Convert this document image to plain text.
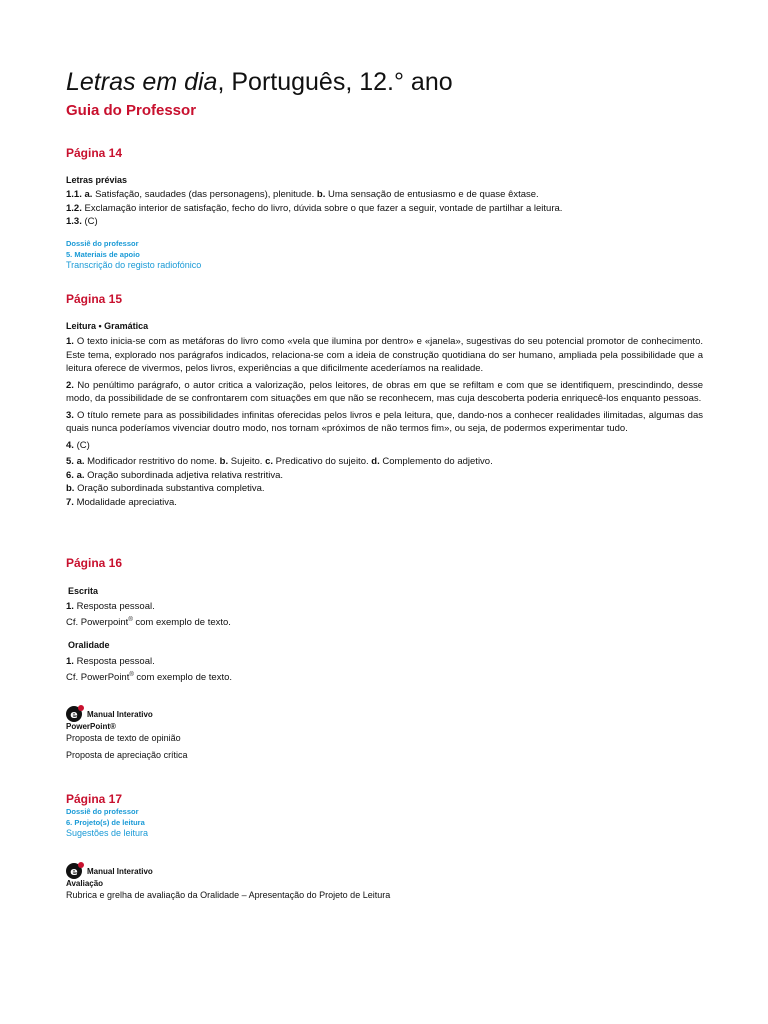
Letras em dia, Português, 12.° ano
Guia do Professor
Página 14
Letras prévias
1.1. a. Satisfação, saudades (das personagens), plenitude. b. Uma sensação de entusiasmo e de quase êxtase.
1.2. Exclamação interior de satisfação, fecho do livro, dúvida sobre o que fazer a seguir, vontade de partilhar a leitura.
1.3. (C)
Dossiê do professor
5. Materiais de apoio
Transcrição do registo radiofónico
Página 15
Leitura • Gramática
1. O texto inicia-se com as metáforas do livro como «vela que ilumina por dentro» e «janela», sugestivas do seu potencial promotor de conhecimento. Este tema, explorado nos parágrafos indicados, relaciona-se com a ideia de construção quotidiana do ser humano, ampliada pela possibilidade que a leitura oferece de vivermos, pelos livros, experiências a que dificilmente acederíamos na realidade.
2. No penúltimo parágrafo, o autor critica a valorização, pelos leitores, de obras em que se refiltam e com que se identifiquem, prescindindo, desse modo, da possibilidade de se confrontarem com situações em que não se reconhecem, mas cuja descoberta poderia enriquecê-los enquanto pessoas.
3. O título remete para as possibilidades infinitas oferecidas pelos livros e pela leitura, que, dando-nos a conhecer realidades ilimitadas, algumas das quais nunca poderíamos vivenciar doutro modo, nos tornam «próximos de não termos fim», ou seja, de podermos experimentar tudo.
4. (C)
5. a. Modificador restritivo do nome. b. Sujeito. c. Predicativo do sujeito. d. Complemento do adjetivo.
6. a. Oração subordinada adjetiva relativa restritiva.
b. Oração subordinada substantiva completiva.
7. Modalidade apreciativa.
Página 16
Escrita
1. Resposta pessoal.
Cf. Powerpoint® com exemplo de texto.
Oralidade
1. Resposta pessoal.
Cf. PowerPoint® com exemplo de texto.
e	Manual Interativo
PowerPoint®
Proposta de texto de opinião
Proposta de apreciação crítica
Página 17
Dossiê do professor
6. Projeto(s) de leitura
Sugestões de leitura
e	Manual Interativo
Avaliação
Rubrica e grelha de avaliação da Oralidade – Apresentação do Projeto de Leitura
